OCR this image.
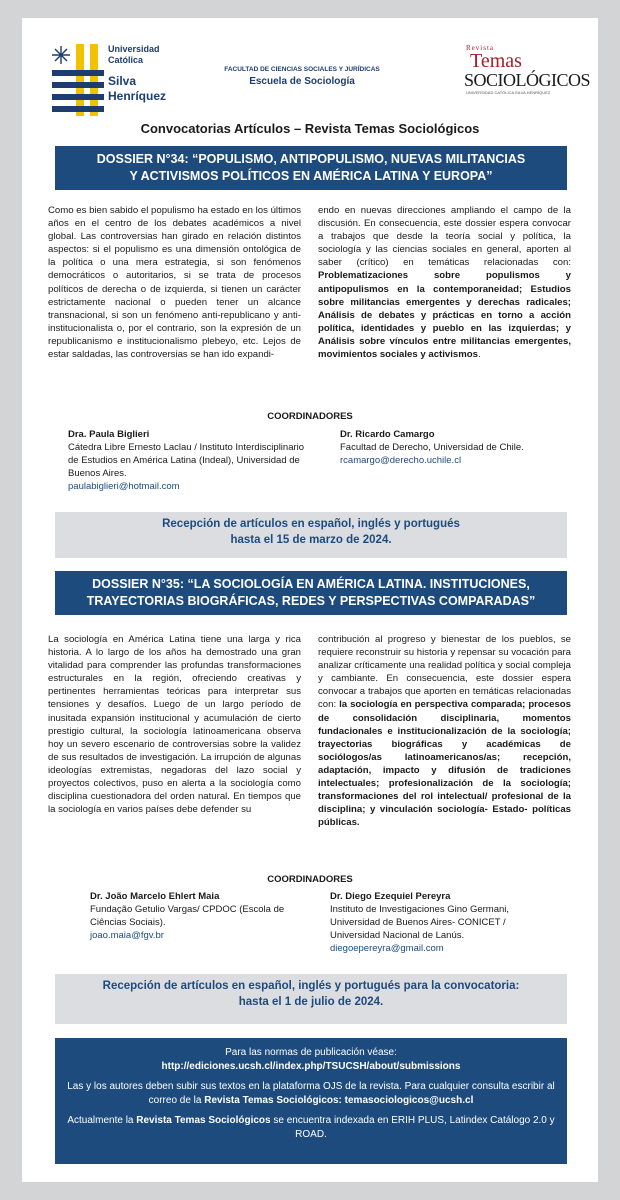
Universidad
Católica
Silva
Henríquez
FACULTAD DE CIENCIAS SOCIALES Y JURÍDICAS
Escuela de Sociología
Revista
Temas
SOCIOLÓGICOS
UNIVERSIDAD CATÓLICA SILVA HENRÍQUEZ
Convocatorias Artículos – Revista Temas Sociológicos
DOSSIER N°34: “POPULISMO, ANTIPOPULISMO, NUEVAS MILITANCIAS
Y ACTIVISMOS POLÍTICOS EN AMÉRICA LATINA Y EUROPA”
Como es bien sabido el populismo ha estado en los últimos años en el centro de los debates académicos a nivel global. Las controversias han girado en relación distintos aspectos: si el populismo es una dimensión ontológica de la política o una mera estrategia, si son fenómenos democráticos o autoritarios, si se trata de procesos políticos de derecha o de izquierda, si tienen un carácter estrictamente nacional o pueden tener un alcance transnacional, si son un fenómeno anti-republicano y anti-institucionalista o, por el contrario, son la expresión de un republicanismo e institucionalismo plebeyo, etc. Lejos de estar saldadas, las controversias se han ido expandi-
endo en nuevas direcciones ampliando el campo de la discusión. En consecuencia, este dossier espera convocar a trabajos que desde la teoría social y política, la sociología y las ciencias sociales en general, aporten al saber (crítico) en temáticas relacionadas con: Problematizaciones sobre populismos y antipopulismos en la contemporaneidad; Estudios sobre militancias emergentes y derechas radicales; Análisis de debates y prácticas en torno a acción política, identidades y pueblo en las izquierdas; y Análisis sobre vínculos entre militancias emergentes, movimientos sociales y activismos.
COORDINADORES
Dra. Paula Biglieri
Cátedra Libre Ernesto Laclau / Instituto Interdisciplinario de Estudios en América Latina (Indeal), Universidad de Buenos Aires.
paulabiglieri@hotmail.com
Dr. Ricardo Camargo
Facultad de Derecho, Universidad de Chile.
rcamargo@derecho.uchile.cl
Recepción de artículos en español, inglés y portugués
hasta el 15 de marzo de 2024.
DOSSIER N°35: “LA SOCIOLOGÍA EN AMÉRICA LATINA. INSTITUCIONES,
TRAYECTORIAS BIOGRÁFICAS, REDES Y PERSPECTIVAS COMPARADAS”
La sociología en América Latina tiene una larga y rica historia. A lo largo de los años ha demostrado una gran vitalidad para comprender las profundas transformaciones estructurales en la región, ofreciendo creativas y pertinentes herramientas teóricas para interpretar sus tensiones y desafíos. Luego de un largo período de inusitada expansión institucional y acumulación de cierto prestigio cultural, la sociología latinoamericana observa hoy un severo escenario de controversias sobre la validez de sus resultados de investigación. La irrupción de algunas ideologías extremistas, negadoras del lazo social y proyectos colectivos, puso en alerta a la sociología como disciplina cuestionadora del orden natural. En tiempos que la sociología en varios países debe defender su
contribución al progreso y bienestar de los pueblos, se requiere reconstruir su historia y repensar su vocación para analizar críticamente una realidad política y social compleja y cambiante. En consecuencia, este dossier espera convocar a trabajos que aporten en temáticas relacionadas con: la sociología en perspectiva comparada; procesos de consolidación disciplinaria, momentos fundacionales e institucionalización de la sociología; trayectorias biográficas y académicas de sociólogos/as latinoamericanos/as; recepción, adaptación, impacto y difusión de tradiciones intelectuales; profesionalización de la sociología; transformaciones del rol intelectual/ profesional de la disciplina; y vinculación sociología- Estado- políticas públicas.
COORDINADORES
Dr. João Marcelo Ehlert Maia
Fundação Getulio Vargas/ CPDOC (Escola de Ciências Sociais).
joao.maia@fgv.br
Dr. Diego Ezequiel Pereyra
Instituto de Investigaciones Gino Germani, Universidad de Buenos Aires- CONICET / Universidad Nacional de Lanús.
diegoepereyra@gmail.com
Recepción de artículos en español, inglés y portugués para la convocatoria:
hasta el 1 de julio de 2024.
Para las normas de publicación véase:
http://ediciones.ucsh.cl/index.php/TSUCSH/about/submissions
Las y los autores deben subir sus textos en la plataforma OJS de la revista. Para cualquier consulta escribir al correo de la Revista Temas Sociológicos: temasociologicos@ucsh.cl
Actualmente la Revista Temas Sociológicos se encuentra indexada en ERIH PLUS, Latindex Catálogo 2.0 y ROAD.
